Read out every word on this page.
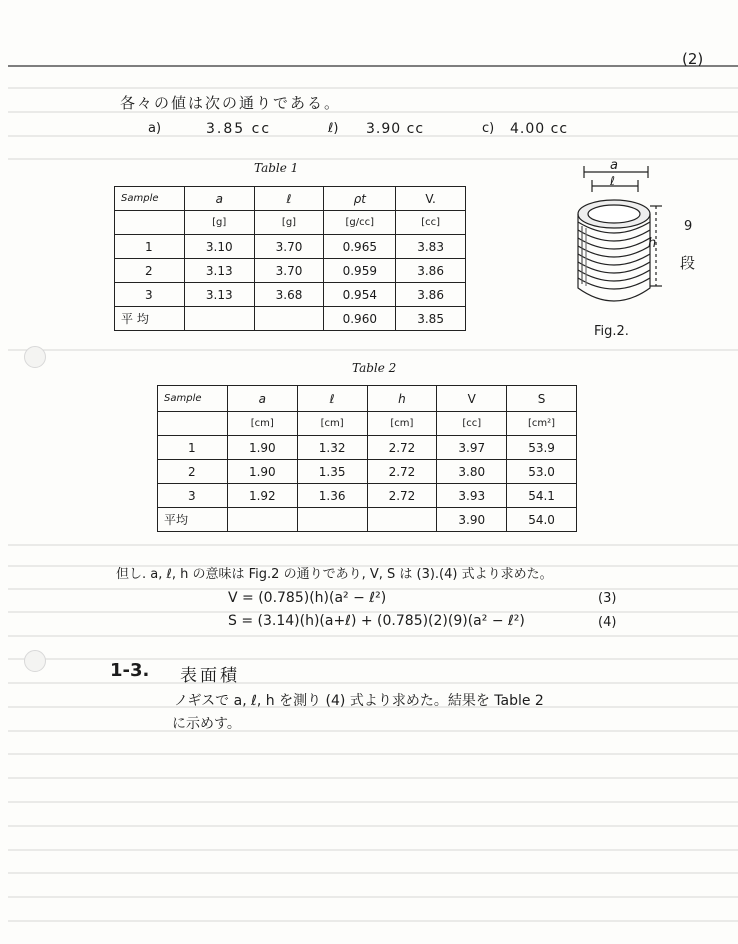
(2)
各々の値は次の通りである。
a)	3.85 cc	ℓ) 3.90 cc	c) 4.00 cc
Table 1
Sample	a	ℓ	ρt	V.
	[g]	[g]	[g/cc]	[cc]
1	3.10	3.70	0.965	3.83
2	3.13	3.70	0.959	3.86
3	3.13	3.68	0.954	3.86
平 均			0.960	3.85
a
ℓ
h
9
段
Fig.2.
Table 2
Sample	a	ℓ	h	V	S
	[cm]	[cm]	[cm]	[cc]	[cm²]
1	1.90	1.32	2.72	3.97	53.9
2	1.90	1.35	2.72	3.80	53.0
3	1.92	1.36	2.72	3.93	54.1
平均				3.90	54.0
但し. a, ℓ, h の意味は Fig.2 の通りであり, V, S は (3).(4) 式より求めた。
V = (0.785)(h)(a² − ℓ²)	(3)
S = (3.14)(h)(a+ℓ) + (0.785)(2)(9)(a² − ℓ²)	(4)
1-3. 表面積
ノギスで a, ℓ, h を測り (4) 式より求めた。結果を Table 2
に示めす。
